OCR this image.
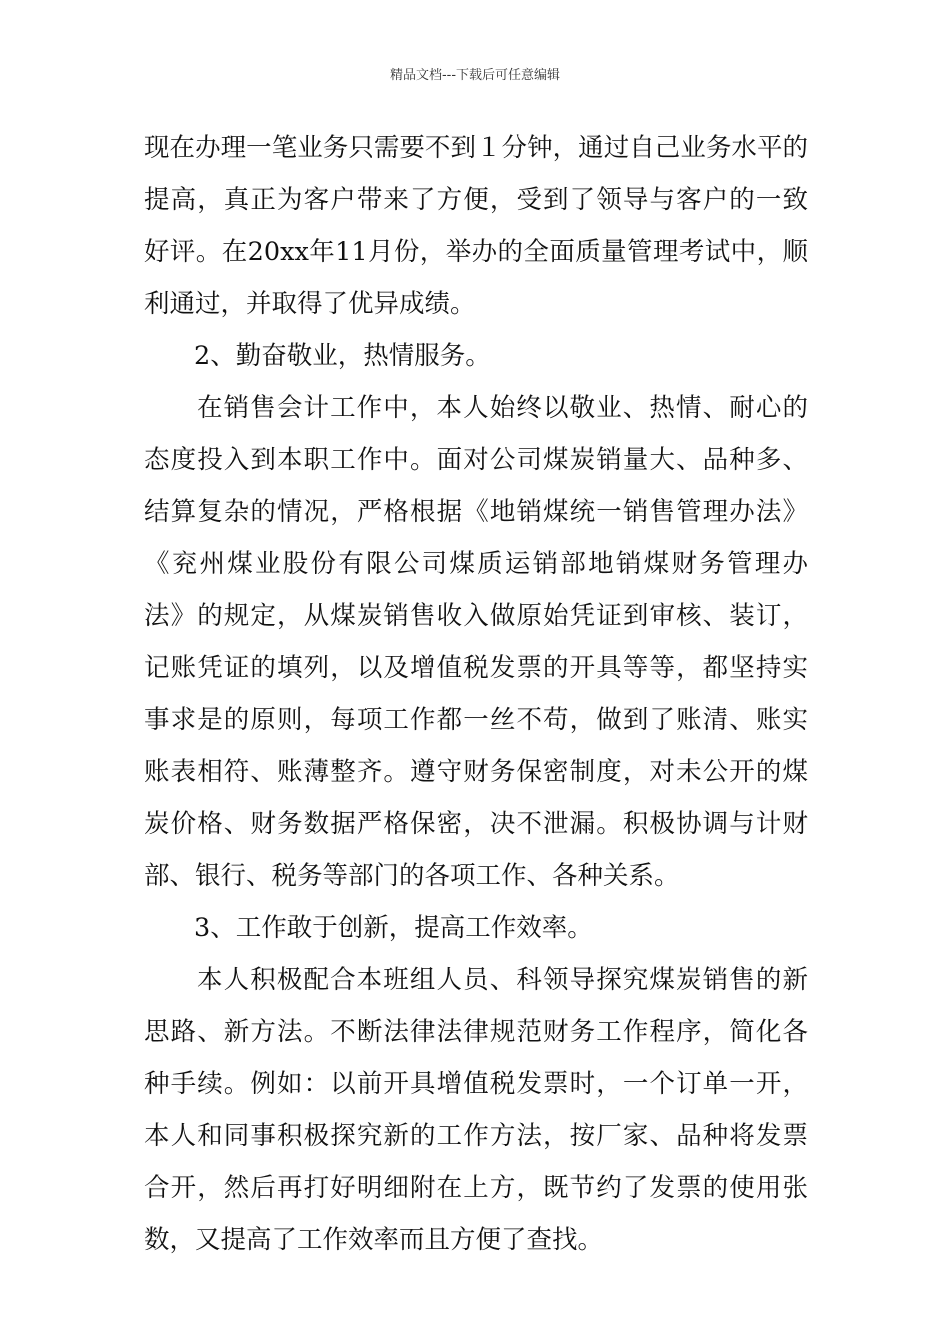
精品文档---下载后可任意编辑
现在办理一笔业务只需要不到１分钟，通过自己业务水平的
提高，真正为客户带来了方便，受到了领导与客户的一致
好评。在20xx年11月份，举办的全面质量管理考试中，顺
利通过，并取得了优异成绩。
2、勤奋敬业，热情服务。
在销售会计工作中，本人始终以敬业、热情、耐心的
态度投入到本职工作中。面对公司煤炭销量大、品种多、
结算复杂的情况，严格根据《地销煤统一销售管理办法》
《兖州煤业股份有限公司煤质运销部地销煤财务管理办
法》的规定，从煤炭销售收入做原始凭证到审核、装订，
记账凭证的填列，以及增值税发票的开具等等，都坚持实
事求是的原则，每项工作都一丝不苟，做到了账清、账实
账表相符、账薄整齐。遵守财务保密制度，对未公开的煤
炭价格、财务数据严格保密，决不泄漏。积极协调与计财
部、银行、税务等部门的各项工作、各种关系。
3、工作敢于创新，提高工作效率。
本人积极配合本班组人员、科领导探究煤炭销售的新
思路、新方法。不断法律法律规范财务工作程序，简化各
种手续。例如：以前开具增值税发票时，一个订单一开，
本人和同事积极探究新的工作方法，按厂家、品种将发票
合开，然后再打好明细附在上方，既节约了发票的使用张
数，又提高了工作效率而且方便了查找。
